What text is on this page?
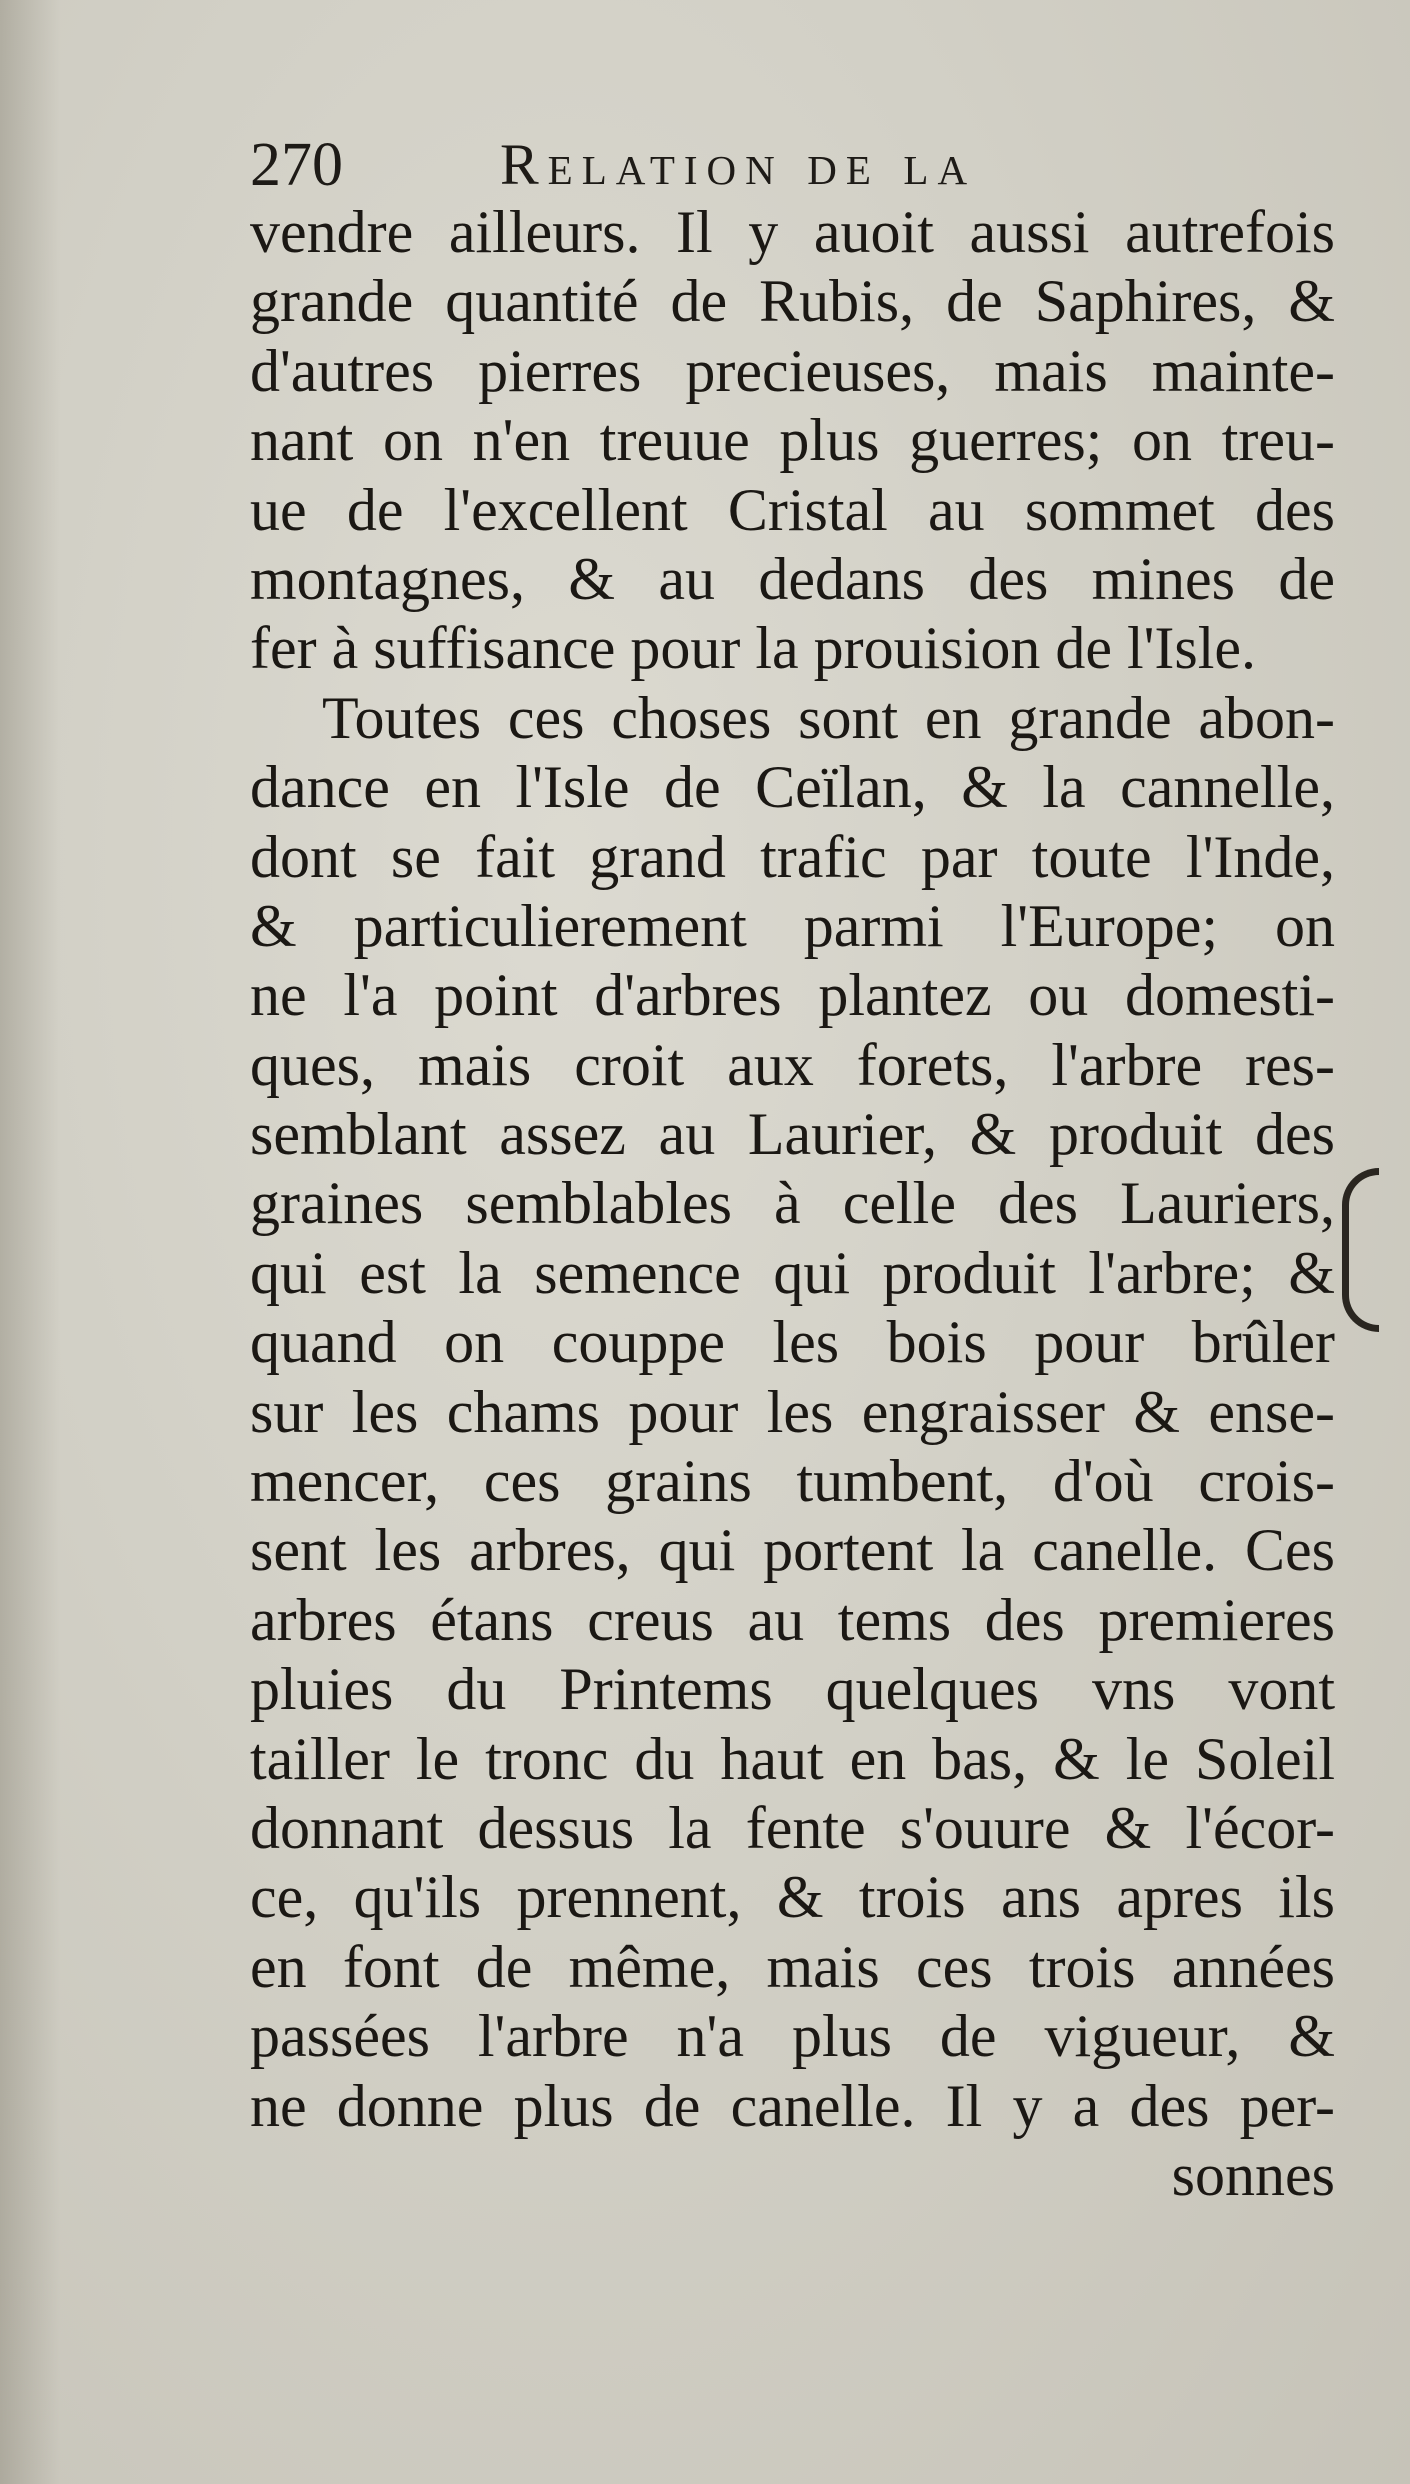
270	Relation de la
vendre ailleurs. Il y auoit aussi autrefois
grande quantité de Rubis, de Saphires, &
d'autres pierres precieuses, mais mainte-
nant on n'en treuue plus guerres; on treu-
ue de l'excellent Cristal au sommet des
montagnes, & au dedans des mines de
fer à suffisance pour la prouision de l'Isle.
Toutes ces choses sont en grande abon-
dance en l'Isle de Ceïlan, & la cannelle,
dont se fait grand trafic par toute l'Inde,
& particulierement parmi l'Europe; on
ne l'a point d'arbres plantez ou domesti-
ques, mais croit aux forets, l'arbre res-
semblant assez au Laurier, & produit des
graines semblables à celle des Lauriers,
qui est la semence qui produit l'arbre; &
quand on couppe les bois pour brûler
sur les chams pour les engraisser & ense-
mencer, ces grains tumbent, d'où crois-
sent les arbres, qui portent la canelle. Ces
arbres étans creus au tems des premieres
pluies du Printems quelques vns vont
tailler le tronc du haut en bas, & le Soleil
donnant dessus la fente s'ouure & l'écor-
ce, qu'ils prennent, & trois ans apres ils
en font de même, mais ces trois années
passées l'arbre n'a plus de vigueur, &
ne donne plus de canelle. Il y a des per-
sonnes
